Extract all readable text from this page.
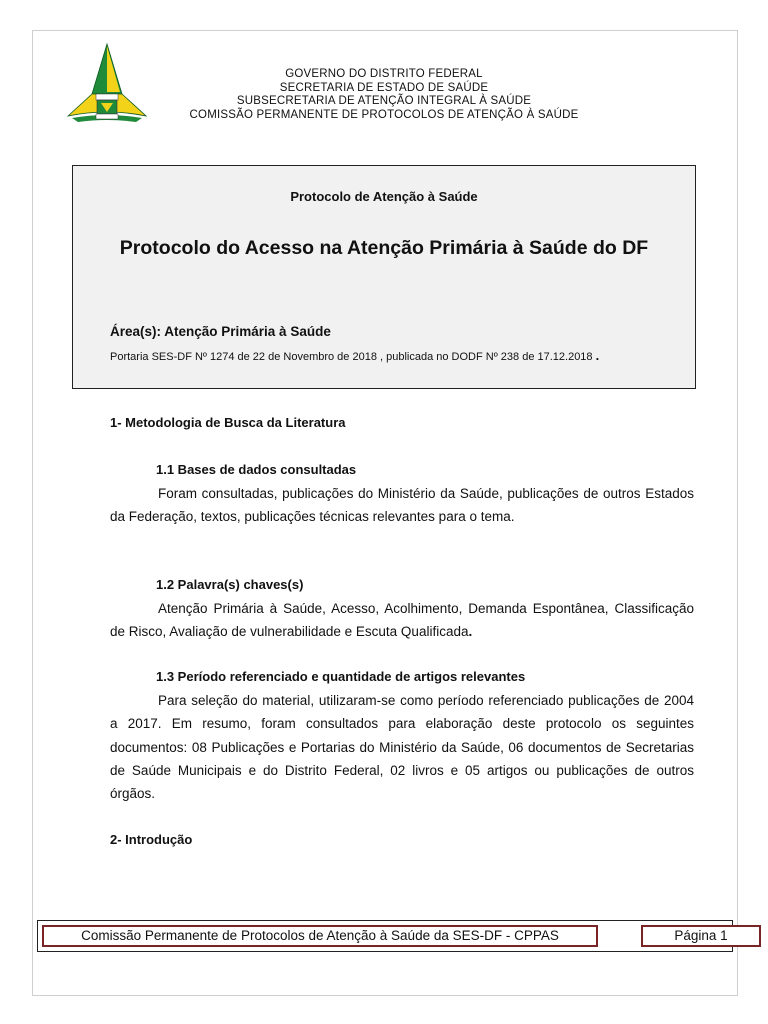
GOVERNO DO DISTRITO FEDERAL
SECRETARIA DE ESTADO DE SAÚDE
SUBSECRETARIA DE ATENÇÃO INTEGRAL À SAÚDE
COMISSÃO PERMANENTE DE PROTOCOLOS DE ATENÇÃO À SAÚDE
Protocolo de Atenção à Saúde
Protocolo do Acesso na Atenção Primária à Saúde do DF
Área(s): Atenção Primária à Saúde
Portaria SES-DF Nº 1274 de 22 de Novembro de 2018 , publicada no DODF Nº 238 de 17.12.2018 .
1- Metodologia de Busca da Literatura
1.1 Bases de dados consultadas
Foram consultadas, publicações do Ministério da Saúde, publicações de outros Estados da Federação, textos, publicações técnicas relevantes para o tema.
1.2 Palavra(s) chaves(s)
Atenção Primária à Saúde, Acesso, Acolhimento, Demanda Espontânea, Classificação de Risco, Avaliação de vulnerabilidade e Escuta Qualificada.
1.3 Período referenciado e quantidade de artigos relevantes
Para seleção do material, utilizaram-se como período referenciado publicações de 2004 a 2017. Em resumo, foram consultados para elaboração deste protocolo os seguintes documentos: 08 Publicações e Portarias do Ministério da Saúde, 06 documentos de Secretarias de Saúde Municipais e do Distrito Federal, 02 livros e 05 artigos ou publicações de outros órgãos.
2- Introdução
Comissão Permanente de Protocolos de Atenção à Saúde da SES-DF - CPPAS	Página 1
